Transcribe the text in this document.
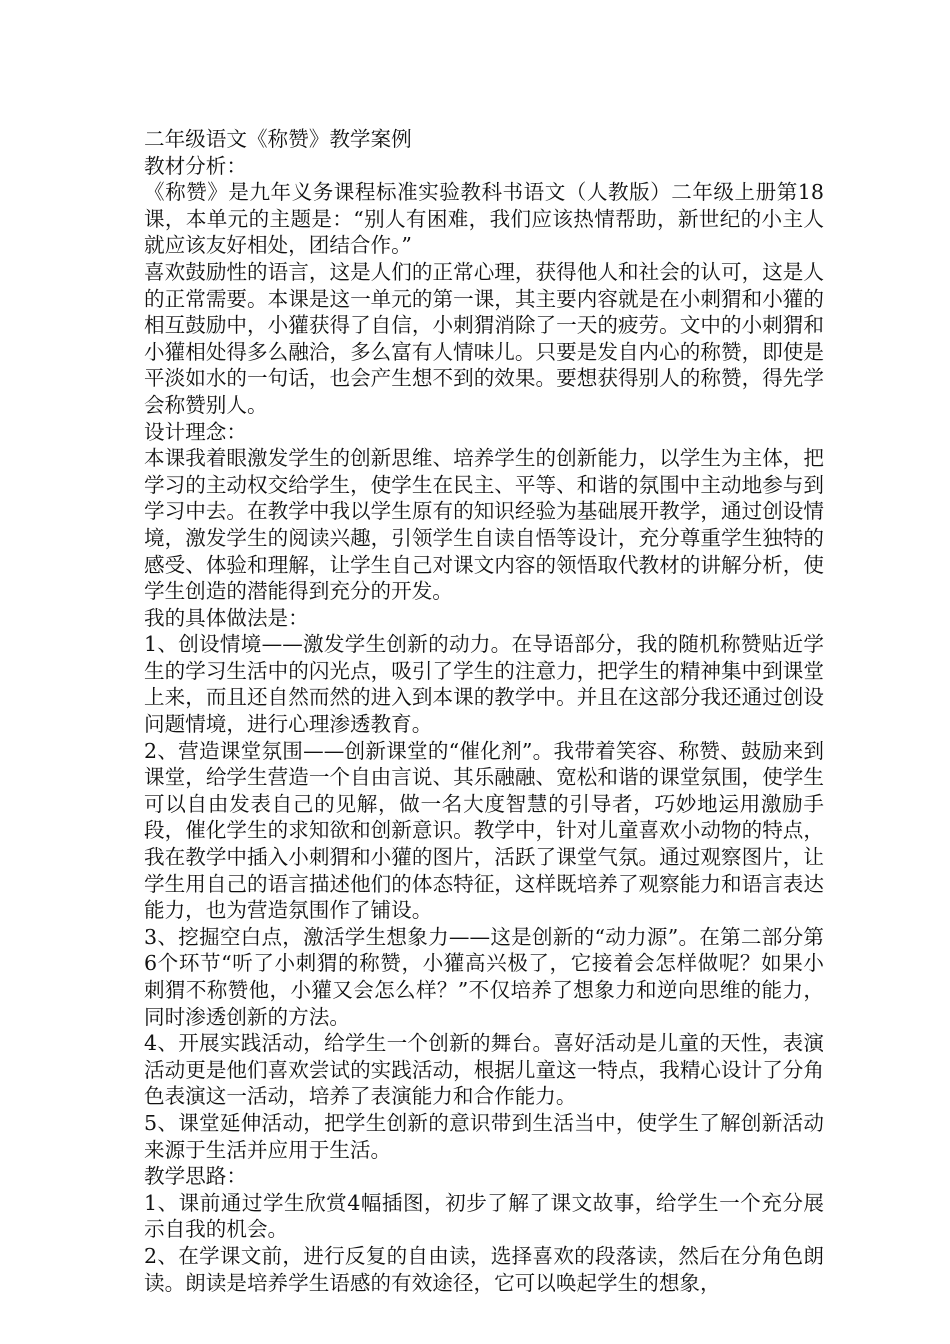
二年级语文《称赞》教学案例

教材分析：

《称赞》是九年义务课程标准实验教科书语文（人教版）二年级上册第18课，本单元的主题是：“别人有困难，我们应该热情帮助，新世纪的小主人就应该友好相处，团结合作。”

喜欢鼓励性的语言，这是人们的正常心理，获得他人和社会的认可，这是人的正常需要。本课是这一单元的第一课，其主要内容就是在小刺猬和小獾的相互鼓励中，小獾获得了自信，小刺猬消除了一天的疲劳。文中的小刺猬和小獾相处得多么融洽，多么富有人情味儿。只要是发自内心的称赞，即使是平淡如水的一句话，也会产生想不到的效果。要想获得别人的称赞，得先学会称赞别人。

设计理念：

本课我着眼激发学生的创新思维、培养学生的创新能力，以学生为主体，把学习的主动权交给学生，使学生在民主、平等、和谐的氛围中主动地参与到学习中去。在教学中我以学生原有的知识经验为基础展开教学，通过创设情境，激发学生的阅读兴趣，引领学生自读自悟等设计，充分尊重学生独特的感受、体验和理解，让学生自己对课文内容的领悟取代教材的讲解分析，使学生创造的潜能得到充分的开发。

我的具体做法是：

1、创设情境——激发学生创新的动力。在导语部分，我的随机称赞贴近学生的学习生活中的闪光点，吸引了学生的注意力，把学生的精神集中到课堂上来，而且还自然而然的进入到本课的教学中。并且在这部分我还通过创设问题情境，进行心理渗透教育。

2、营造课堂氛围——创新课堂的“催化剂”。我带着笑容、称赞、鼓励来到课堂，给学生营造一个自由言说、其乐融融、宽松和谐的课堂氛围，使学生可以自由发表自己的见解，做一名大度智慧的引导者，巧妙地运用激励手段，催化学生的求知欲和创新意识。教学中，针对儿童喜欢小动物的特点，我在教学中插入小刺猬和小獾的图片，活跃了课堂气氛。通过观察图片，让学生用自己的语言描述他们的体态特征，这样既培养了观察能力和语言表达能力，也为营造氛围作了铺设。

3、挖掘空白点，激活学生想象力——这是创新的“动力源”。在第二部分第6个环节“听了小刺猬的称赞，小獾高兴极了，它接着会怎样做呢？如果小刺猬不称赞他，小獾又会怎么样？”不仅培养了想象力和逆向思维的能力，同时渗透创新的方法。

4、开展实践活动，给学生一个创新的舞台。喜好活动是儿童的天性，表演活动更是他们喜欢尝试的实践活动，根据儿童这一特点，我精心设计了分角色表演这一活动，培养了表演能力和合作能力。

5、课堂延伸活动，把学生创新的意识带到生活当中，使学生了解创新活动来源于生活并应用于生活。

教学思路：

1、课前通过学生欣赏4幅插图，初步了解了课文故事，给学生一个充分展示自我的机会。

2、在学课文前，进行反复的自由读，选择喜欢的段落读，然后在分角色朗读。朗读是培养学生语感的有效途径，它可以唤起学生的想象，
